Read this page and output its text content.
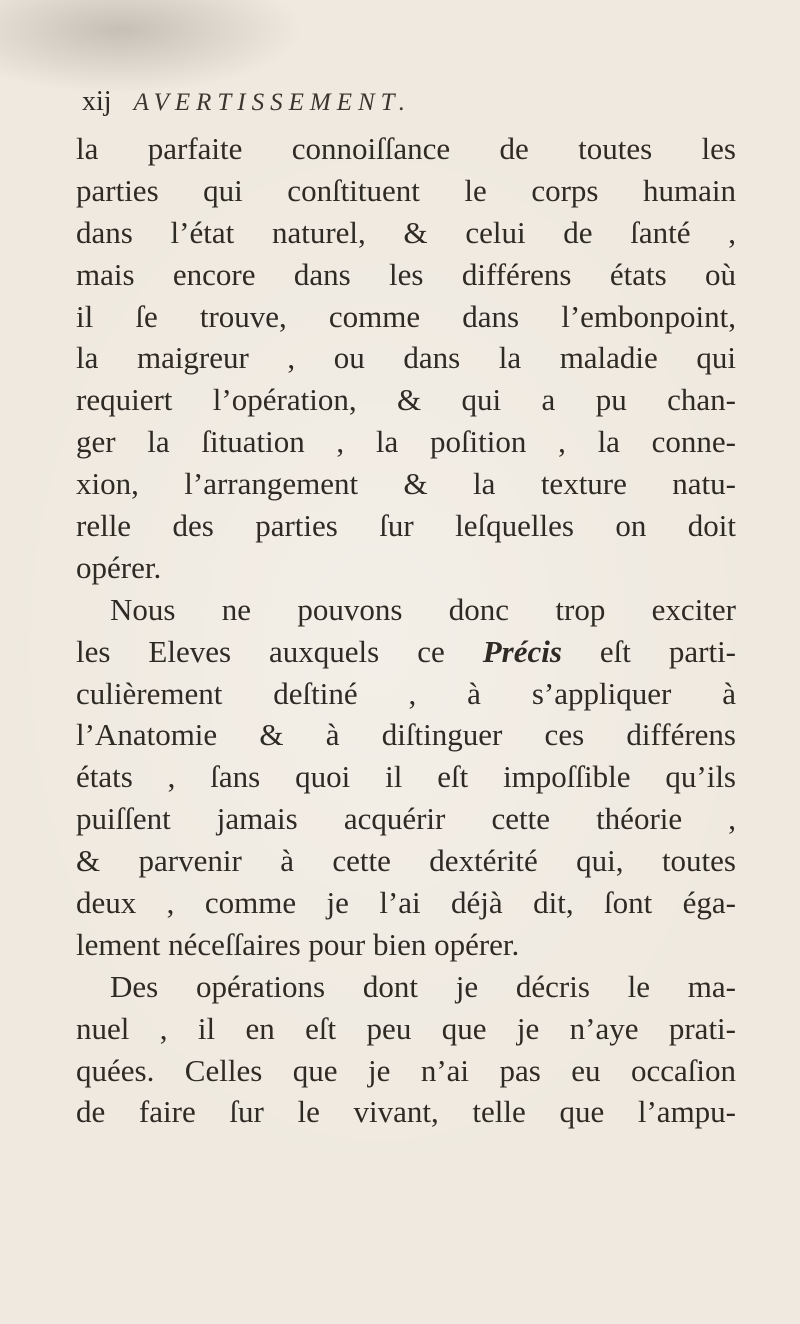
xij AVERTISSEMENT.
la parfaite connoiſſance de toutes les
parties qui conſtituent le corps humain
dans l’état naturel, & celui de ſanté ,
mais encore dans les différens états où
il ſe trouve, comme dans l’embonpoint,
la maigreur , ou dans la maladie qui
requiert l’opération, & qui a pu chan-
ger la ſituation , la poſition , la conne-
xion, l’arrangement & la texture natu-
relle des parties ſur leſquelles on doit
opérer.
Nous ne pouvons donc trop exciter
les Eleves auxquels ce Précis eſt parti-
culièrement deſtiné , à s’appliquer à
l’Anatomie & à diſtinguer ces différens
états , ſans quoi il eſt impoſſible qu’ils
puiſſent jamais acquérir cette théorie ,
& parvenir à cette dextérité qui, toutes
deux , comme je l’ai déjà dit, ſont éga-
lement néceſſaires pour bien opérer.
Des opérations dont je décris le ma-
nuel , il en eſt peu que je n’aye prati-
quées. Celles que je n’ai pas eu occaſion
de faire ſur le vivant, telle que l’ampu-
